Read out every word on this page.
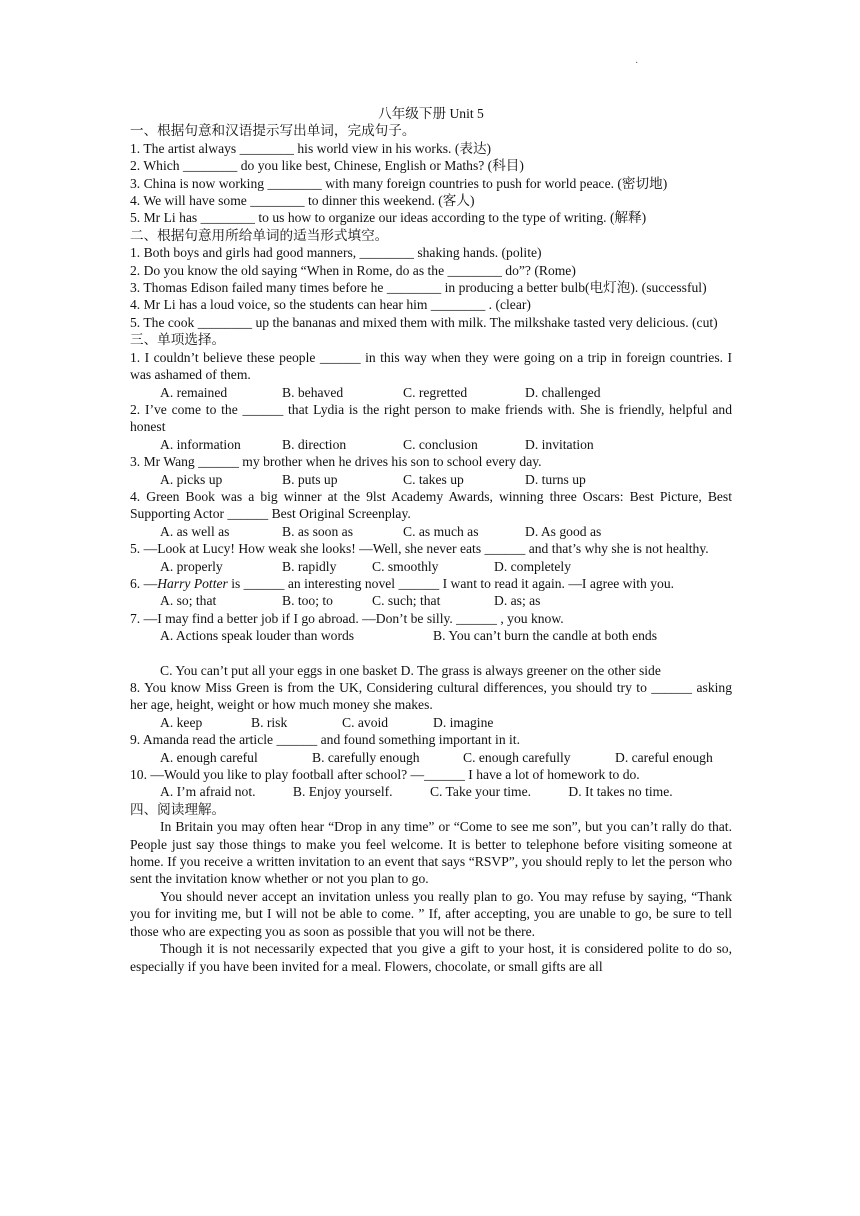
·
八年级下册 Unit 5
一、根据句意和汉语提示写出单词，完成句子。
1. The artist always ________ his world view in his works. (表达)
2. Which ________ do you like best, Chinese, English or Maths? (科目)
3. China is now working ________ with many foreign countries to push for world peace. (密切地)
4. We will have some ________ to dinner this weekend. (客人)
5. Mr Li has ________ to us how to organize our ideas according to the type of writing. (解释)
二、根据句意用所给单词的适当形式填空。
1. Both boys and girls had good manners, ________ shaking hands. (polite)
2. Do you know the old saying “When in Rome, do as the ________ do”? (Rome)
3. Thomas Edison failed many times before he ________ in producing a better bulb(电灯泡). (successful)
4. Mr Li has a loud voice, so the students can hear him ________ . (clear)
5. The cook ________ up the bananas and mixed them with milk. The milkshake tasted very delicious. (cut)
三、单项选择。
1. I couldn’t believe these people ______ in this way when they were going on a trip in foreign countries. I was ashamed of them.
A. remained	B. behaved	C. regretted	D. challenged
2. I’ve come to the ______ that Lydia is the right person to make friends with. She is friendly, helpful and honest
A. information	B. direction	C. conclusion	D. invitation
3. Mr Wang ______ my brother when he drives his son to school every day.
A. picks up	B. puts up	C. takes up	D. turns up
4. Green Book was a big winner at the 9lst Academy Awards, winning three Oscars: Best Picture, Best Supporting Actor ______ Best Original Screenplay.
A. as well as	B. as soon as	C. as much as	D. As good as
5. —Look at Lucy! How weak she looks! —Well, she never eats ______ and that’s why she is not healthy.
A. properly	B. rapidly	C. smoothly	D. completely
6. —Harry Potter is ______ an interesting novel ______ I want to read it again. —I agree with you.
A. so; that	B. too; to	C. such; that	D. as; as
7. —I may find a better job if I go abroad. —Don’t be silly. ______ , you know.
A. Actions speak louder than words	B. You can’t burn the candle at both ends
C. You can’t put all your eggs in one basket D. The grass is always greener on the other side
8. You know Miss Green is from the UK, Considering cultural differences, you should try to ______ asking her age, height, weight or how much money she makes.
A. keep	B. risk	C. avoid	D. imagine
9. Amanda read the article ______ and found something important in it.
A. enough careful	B. carefully enough	C. enough carefully	D. careful enough
10. —Would you like to play football after school? —______ I have a lot of homework to do.
A. I’m afraid not.           B. Enjoy yourself.           C. Take your time.           D. It takes no time.
四、阅读理解。
In Britain you may often hear “Drop in any time” or “Come to see me son”, but you can’t rally do that. People just say those things to make you feel welcome. It is better to telephone before visiting someone at home. If you receive a written invitation to an event that says “RSVP”, you should reply to let the person who sent the invitation know whether or not you plan to go.
You should never accept an invitation unless you really plan to go. You may refuse by saying, “Thank you for inviting me, but I will not be able to come. ” If, after accepting, you are unable to go, be sure to tell those who are expecting you as soon as possible that you will not be there.
Though it is not necessarily expected that you give a gift to your host, it is considered polite to do so, especially if you have been invited for a meal. Flowers, chocolate, or small gifts are all
